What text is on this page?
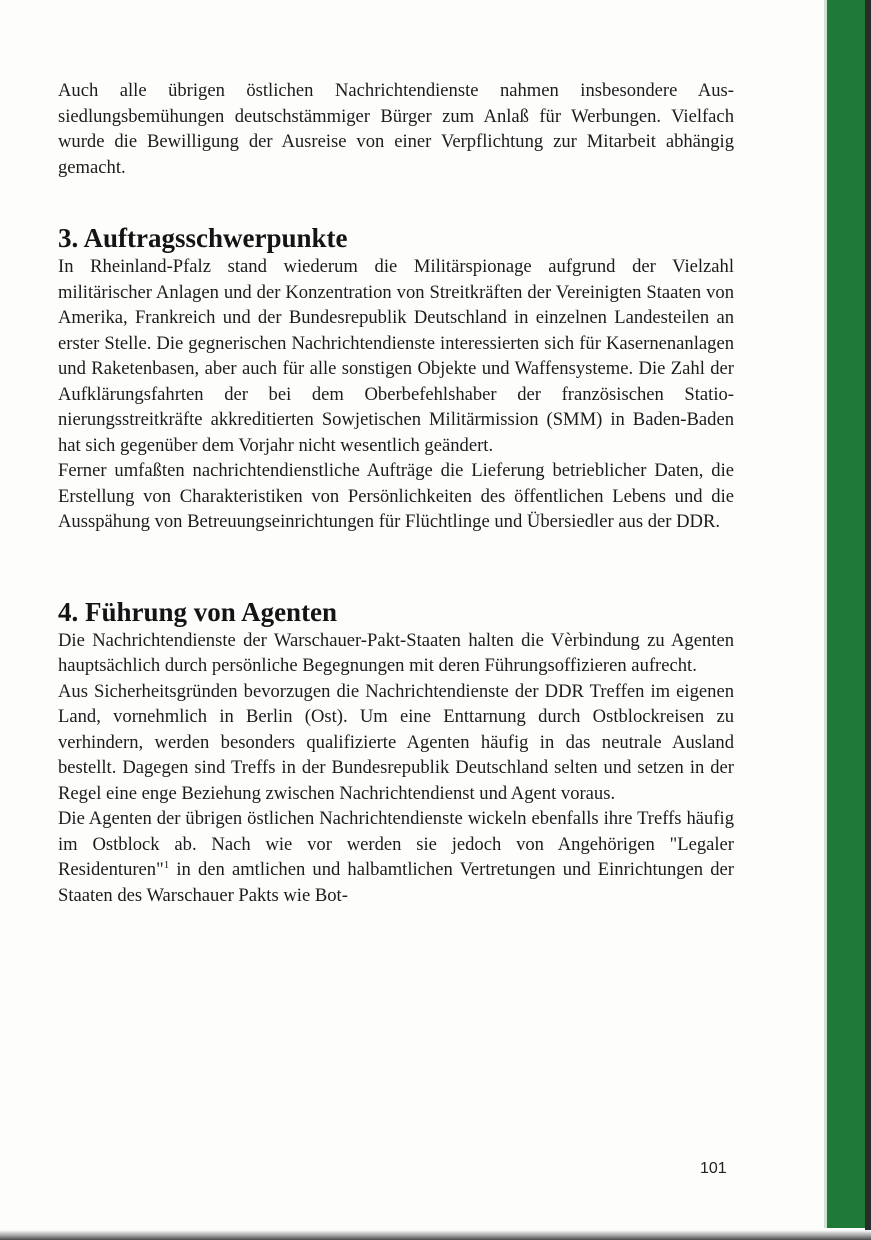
Auch alle übrigen östlichen Nachrichtendienste nahmen insbesondere Aussiedlungsbemühungen deutschstämmiger Bürger zum Anlaß für Werbungen. Vielfach wurde die Bewilligung der Ausreise von einer Verpflichtung zur Mitarbeit abhängig gemacht.

3. Auftragsschwerpunkte

In Rheinland-Pfalz stand wiederum die Militärspionage aufgrund der Vielzahl militärischer Anlagen und der Konzentration von Streitkräften der Vereinigten Staaten von Amerika, Frankreich und der Bundesrepublik Deutschland in einzelnen Landesteilen an erster Stelle. Die gegnerischen Nachrichtendienste interessierten sich für Kasernenanlagen und Raketenbasen, aber auch für alle sonstigen Objekte und Waffensysteme. Die Zahl der Aufklärungsfahrten der bei dem Oberbefehlshaber der französischen Stationierungsstreitkräfte akkreditierten Sowjetischen Militärmission (SMM) in Baden-Baden hat sich gegenüber dem Vorjahr nicht wesentlich geändert.

Ferner umfaßten nachrichtendienstliche Aufträge die Lieferung betrieblicher Daten, die Erstellung von Charakteristiken von Persönlichkeiten des öffentlichen Lebens und die Ausspähung von Betreuungseinrichtungen für Flüchtlinge und Übersiedler aus der DDR.

4. Führung von Agenten

Die Nachrichtendienste der Warschauer-Pakt-Staaten halten die Vèrbindung zu Agenten hauptsächlich durch persönliche Begegnungen mit deren Führungsoffizieren aufrecht.

Aus Sicherheitsgründen bevorzugen die Nachrichtendienste der DDR Treffen im eigenen Land, vornehmlich in Berlin (Ost). Um eine Enttarnung durch Ostblockreisen zu verhindern, werden besonders qualifizierte Agenten häufig in das neutrale Ausland bestellt. Dagegen sind Treffs in der Bundesrepublik Deutschland selten und setzen in der Regel eine enge Beziehung zwischen Nachrichtendienst und Agent voraus.

Die Agenten der übrigen östlichen Nachrichtendienste wickeln ebenfalls ihre Treffs häufig im Ostblock ab. Nach wie vor werden sie jedoch von Angehörigen "Legaler Residenturen"$^1$ in den amtlichen und halbamtlichen Vertretungen und Einrichtungen der Staaten des Warschauer Pakts wie Bot-

101
